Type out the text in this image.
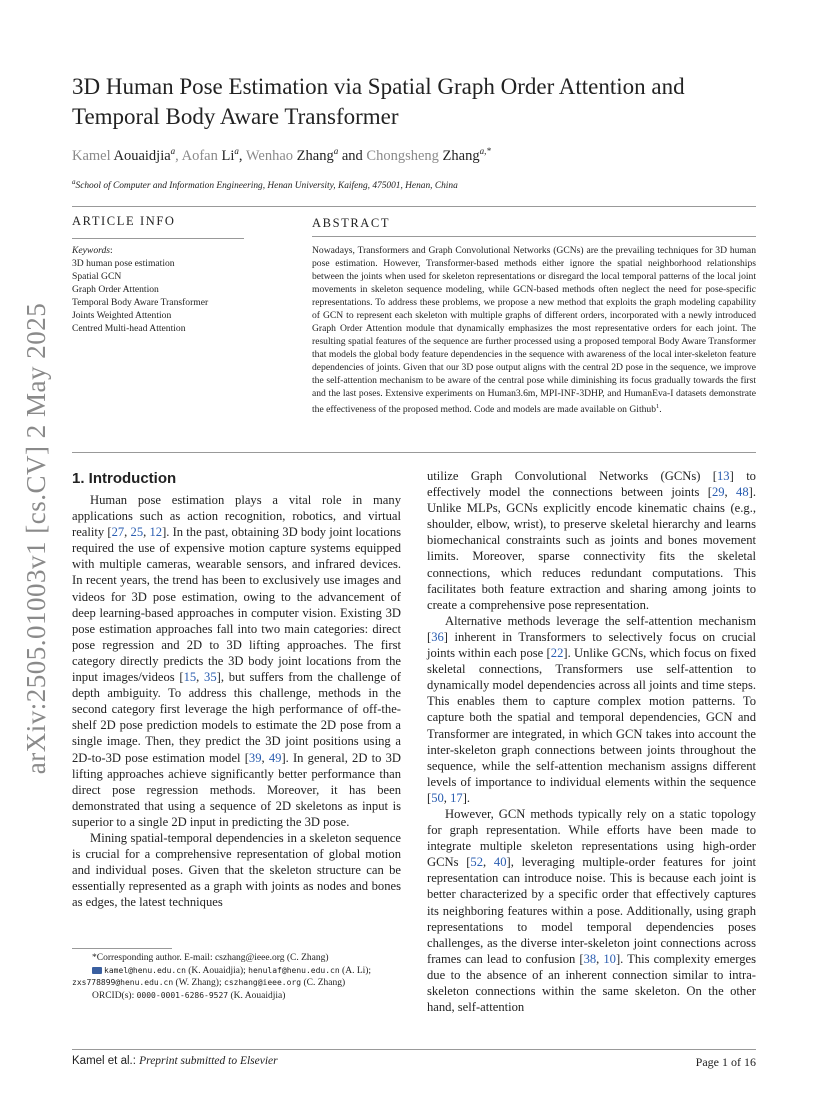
arXiv:2505.01003v1 [cs.CV] 2 May 2025
3D Human Pose Estimation via Spatial Graph Order Attention and Temporal Body Aware Transformer
Kamel Aouaidjia$^a$, Aofan Li$^a$, Wenhao Zhang$^a$ and Chongsheng Zhang$^{a,*}$
$^a$School of Computer and Information Engineering, Henan University, Kaifeng, 475001, Henan, China
ARTICLE INFO	ABSTRACT
Keywords:
3D human pose estimation
Spatial GCN
Graph Order Attention
Temporal Body Aware Transformer
Joints Weighted Attention
Centred Multi-head Attention
Nowadays, Transformers and Graph Convolutional Networks (GCNs) are the prevailing techniques for 3D human pose estimation. However, Transformer-based methods either ignore the spatial neighborhood relationships between the joints when used for skeleton representations or disregard the local temporal patterns of the local joint movements in skeleton sequence modeling, while GCN-based methods often neglect the need for pose-specific representations. To address these problems, we propose a new method that exploits the graph modeling capability of GCN to represent each skeleton with multiple graphs of different orders, incorporated with a newly introduced Graph Order Attention module that dynamically emphasizes the most representative orders for each joint. The resulting spatial features of the sequence are further processed using a proposed temporal Body Aware Transformer that models the global body feature dependencies in the sequence with awareness of the local inter-skeleton feature dependencies of joints. Given that our 3D pose output aligns with the central 2D pose in the sequence, we improve the self-attention mechanism to be aware of the central pose while diminishing its focus gradually towards the first and the last poses. Extensive experiments on Human3.6m, MPI-INF-3DHP, and HumanEva-I datasets demonstrate the effectiveness of the proposed method. Code and models are made available on Github$^1$.
1. Introduction

Human pose estimation plays a vital role in many applications such as action recognition, robotics, and virtual reality [27, 25, 12]. In the past, obtaining 3D body joint locations required the use of expensive motion capture systems equipped with multiple cameras, wearable sensors, and infrared devices. In recent years, the trend has been to exclusively use images and videos for 3D pose estimation, owing to the advancement of deep learning-based approaches in computer vision. Existing 3D pose estimation approaches fall into two main categories: direct pose regression and 2D to 3D lifting approaches. The first category directly predicts the 3D body joint locations from the input images/videos [15, 35], but suffers from the challenge of depth ambiguity. To address this challenge, methods in the second category first leverage the high performance of off-the-shelf 2D pose prediction models to estimate the 2D pose from a single image. Then, they predict the 3D joint positions using a 2D-to-3D pose estimation model [39, 49]. In general, 2D to 3D lifting approaches achieve significantly better performance than direct pose regression methods. Moreover, it has been demonstrated that using a sequence of 2D skeletons as input is superior to a single 2D input in predicting the 3D pose.

Mining spatial-temporal dependencies in a skeleton sequence is crucial for a comprehensive representation of global motion and individual poses. Given that the skeleton structure can be essentially represented as a graph with joints as nodes and bones as edges, the latest techniques

utilize Graph Convolutional Networks (GCNs) [13] to effectively model the connections between joints [29, 48]. Unlike MLPs, GCNs explicitly encode kinematic chains (e.g., shoulder, elbow, wrist), to preserve skeletal hierarchy and learns biomechanical constraints such as joints and bones movement limits. Moreover, sparse connectivity fits the skeletal connections, which reduces redundant computations. This facilitates both feature extraction and sharing among joints to create a comprehensive pose representation.

Alternative methods leverage the self-attention mechanism [36] inherent in Transformers to selectively focus on crucial joints within each pose [22]. Unlike GCNs, which focus on fixed skeletal connections, Transformers use self-attention to dynamically model dependencies across all joints and time steps. This enables them to capture complex motion patterns. To capture both the spatial and temporal dependencies, GCN and Transformer are integrated, in which GCN takes into account the inter-skeleton graph connections between joints throughout the sequence, while the self-attention mechanism assigns different levels of importance to individual elements within the sequence [50, 17].

However, GCN methods typically rely on a static topology for graph representation. While efforts have been made to integrate multiple skeleton representations using high-order GCNs [52, 40], leveraging multiple-order features for joint representation can introduce noise. This is because each joint is better characterized by a specific order that effectively captures its neighboring features within a pose. Additionally, using graph representations to model temporal dependencies poses challenges, as the diverse inter-skeleton joint connections across frames can lead to confusion [38, 10]. This complexity emerges due to the absence of an inherent connection similar to intra-skeleton connections within the same skeleton. On the other hand, self-attention

*Corresponding author. E-mail: cszhang@ieee.org (C. Zhang)
kamel@henu.edu.cn (K. Aouaidjia); henulaf@henu.edu.cn (A. Li);
zxs778899@henu.edu.cn (W. Zhang); cszhang@ieee.org (C. Zhang)
ORCID(s): 0000-0001-6286-9527 (K. Aouaidjia)
Kamel et al.: Preprint submitted to Elsevier	Page 1 of 16
